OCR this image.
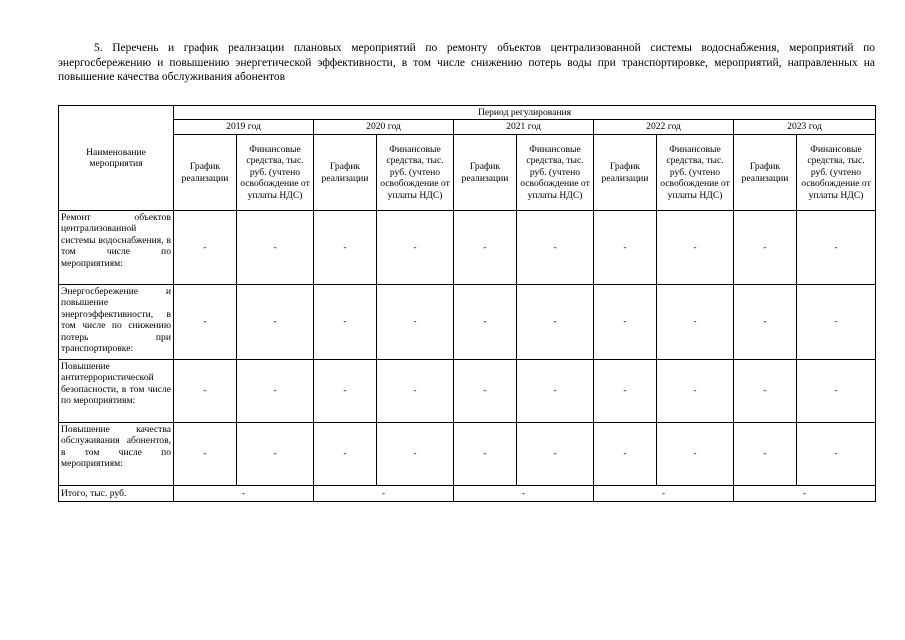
5. Перечень и график реализации плановых мероприятий по ремонту объектов централизованной системы водоснабжения, мероприятий по энергосбережению и повышению энергетической эффективности, в том числе снижению потерь воды при транспортировке, мероприятий, направленных на повышение качества обслуживания абонентов
Наименование мероприятия	Период регулирования									
	2019 год		2020 год		2021 год		2022 год		2023 год	
	График реализации	Финансовые средства, тыс. руб. (учтено освобождение от уплаты НДС)	График реализации	Финансовые средства, тыс. руб. (учтено освобождение от уплаты НДС)	График реализации	Финансовые средства, тыс. руб. (учтено освобождение от уплаты НДС)	График реализации	Финансовые средства, тыс. руб. (учтено освобождение от уплаты НДС)	График реализации	Финансовые средства, тыс. руб. (учтено освобождение от уплаты НДС)
Ремонт объектов централизованной системы водоснабжения, в том числе по мероприятиям:	-	-	-	-	-	-	-	-	-	-
Энергосбережение и повышение энергоэффективности, в том числе по снижению потерь при транспортировке:	-	-	-	-	-	-	-	-	-	-
Повышение антитеррористической безопасности, в том числе по мероприятиям:	-	-	-	-	-	-	-	-	-	-
Повышение качества обслуживания абонентов, в том числе по мероприятиям:	-	-	-	-	-	-	-	-	-	-
Итого, тыс. руб.	-		-		-		-		-	
